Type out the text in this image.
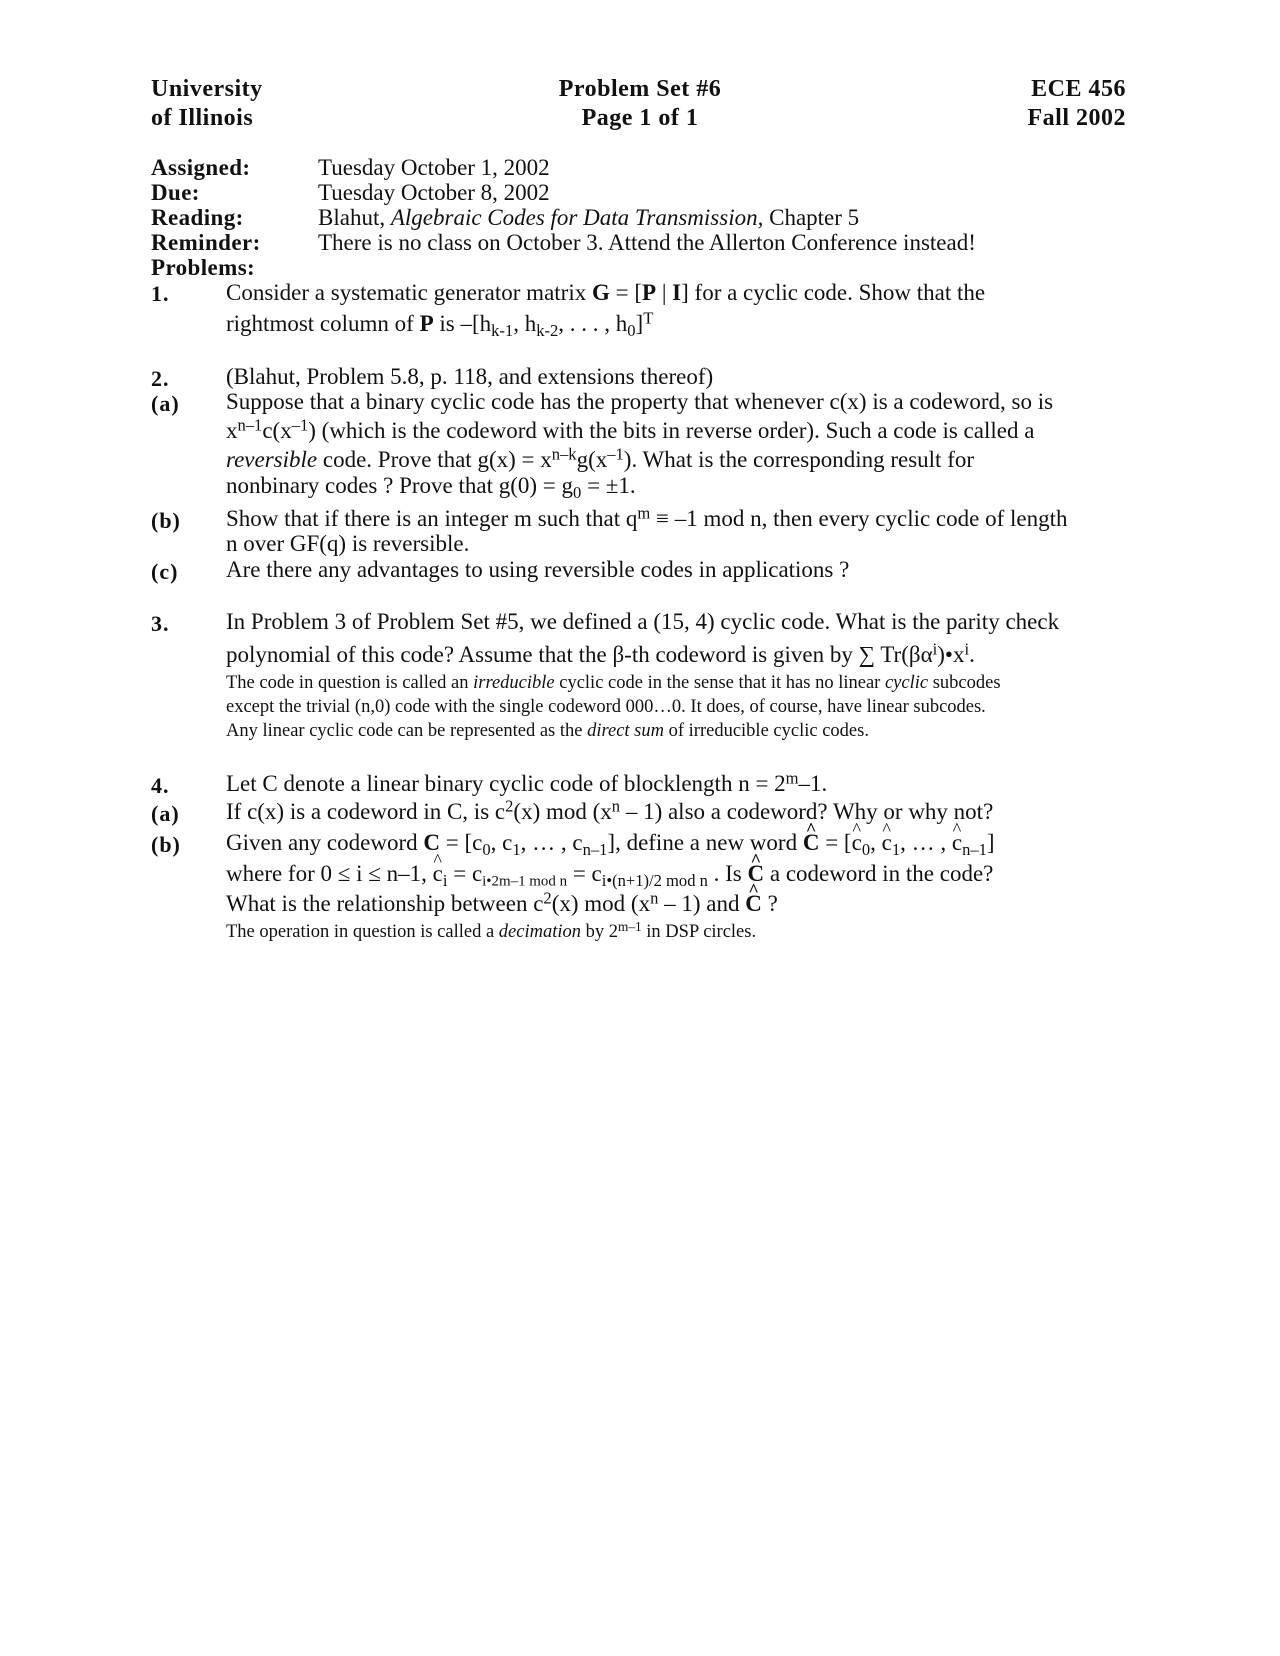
University
of Illinois
Problem Set #6
Page 1 of 1
ECE 456
Fall 2002
Assigned:	Tuesday October 1, 2002
Due:	Tuesday October 8, 2002
Reading:	Blahut, Algebraic Codes for Data Transmission, Chapter 5
Reminder: There is no class on October 3. Attend the Allerton Conference instead!
Problems:
1. Consider a systematic generator matrix G = [P | I] for a cyclic code. Show that the
rightmost column of P is $-[h_{k-1}$, $h_{k-2}$, . . . , $h_0]^T$
2. (Blahut, Problem 5.8, p. 118, and extensions thereof)
(a) Suppose that a binary cyclic code has the property that whenever c(x) is a codeword, so is
$x^{n-1}c(x^{-1})$ (which is the codeword with the bits in reverse order). Such a code is called a
reversible code. Prove that $g(x) = x^{n-k}g(x^{-1})$. What is the corresponding result for
nonbinary codes ? Prove that $g(0) = g_0 = \pm 1$.
(b) Show that if there is an integer m such that $q^m \equiv -1$ mod n, then every cyclic code of length
n over GF(q) is reversible.
(c) Are there any advantages to using reversible codes in applications ?
3. In Problem 3 of Problem Set #5, we defined a (15, 4) cyclic code. What is the parity check
polynomial of this code? Assume that the β-th codeword is given by ∑ $Tr(\beta\alpha^i)•x^i$.
The code in question is called an irreducible cyclic code in the sense that it has no linear cyclic subcodes
except the trivial (n,0) code with the single codeword 000…0. It does, of course, have linear subcodes.
Any linear cyclic code can be represented as the direct sum of irreducible cyclic codes.
4. Let C denote a linear binary cyclic code of blocklength $n = 2^m-1$.
(a) If c(x) is a codeword in C, is $c^2(x)$ mod $(x^n - 1)$ also a codeword? Why or why not?
(b) Given any codeword $C = [c_0$, $c_1$, … , $c_{n-1}$], define a new word C ^ = [c $\^{}_0$, c $\^{}_1$, … , c $\^{}_{n-1}$]
where for 0 ≤ i ≤ n–1, c $\^{}_i = c_{i•2m-1 mod n} = c_{i•(n+1)/2 mod n}$ . Is C ^ a codeword in the code?
What is the relationship between $c^2(x)$ mod $(x^n - 1)$ and C ^ ?
The operation in question is called a decimation by 2$^{m-1}$ in DSP circles.
